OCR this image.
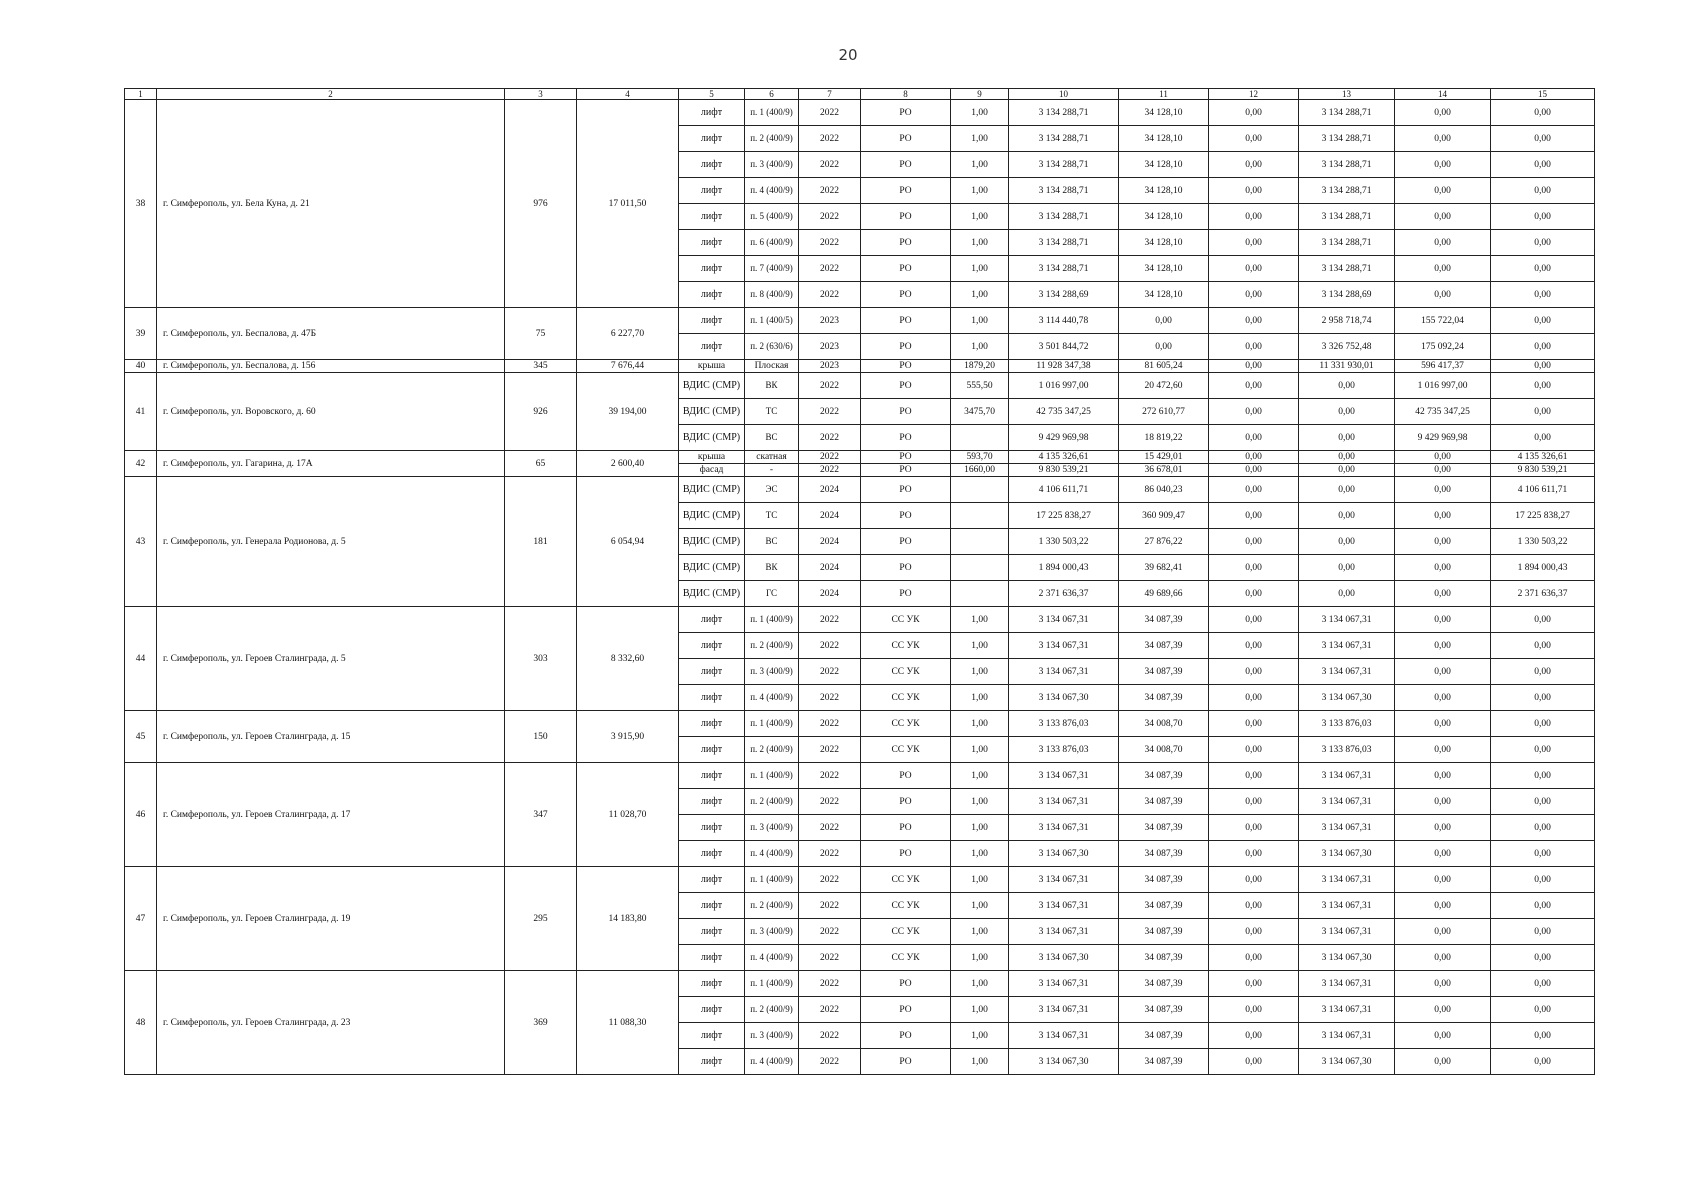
20
1	2	3	4	5	6	7	8	9	10	11	12	13	14	15
38	г. Симферополь, ул. Бела Куна, д. 21	976	17 011,50	лифт	п. 1 (400/9)	2022	РО	1,00	3 134 288,71	34 128,10	0,00	3 134 288,71	0,00	0,00
				лифт	п. 2 (400/9)	2022	РО	1,00	3 134 288,71	34 128,10	0,00	3 134 288,71	0,00	0,00
				лифт	п. 3 (400/9)	2022	РО	1,00	3 134 288,71	34 128,10	0,00	3 134 288,71	0,00	0,00
				лифт	п. 4 (400/9)	2022	РО	1,00	3 134 288,71	34 128,10	0,00	3 134 288,71	0,00	0,00
				лифт	п. 5 (400/9)	2022	РО	1,00	3 134 288,71	34 128,10	0,00	3 134 288,71	0,00	0,00
				лифт	п. 6 (400/9)	2022	РО	1,00	3 134 288,71	34 128,10	0,00	3 134 288,71	0,00	0,00
				лифт	п. 7 (400/9)	2022	РО	1,00	3 134 288,71	34 128,10	0,00	3 134 288,71	0,00	0,00
				лифт	п. 8 (400/9)	2022	РО	1,00	3 134 288,69	34 128,10	0,00	3 134 288,69	0,00	0,00
39	г. Симферополь, ул. Беспалова, д. 47Б	75	6 227,70	лифт	п. 1 (400/5)	2023	РО	1,00	3 114 440,78	0,00	0,00	2 958 718,74	155 722,04	0,00
				лифт	п. 2 (630/6)	2023	РО	1,00	3 501 844,72	0,00	0,00	3 326 752,48	175 092,24	0,00
40	г. Симферополь, ул. Беспалова, д. 156	345	7 676,44	крыша	Плоская	2023	РО	1879,20	11 928 347,38	81 605,24	0,00	11 331 930,01	596 417,37	0,00
41	г. Симферополь, ул. Воровского, д. 60	926	39 194,00	ВДИС (СМР)	ВК	2022	РО	555,50	1 016 997,00	20 472,60	0,00	0,00	1 016 997,00	0,00
				ВДИС (СМР)	ТС	2022	РО	3475,70	42 735 347,25	272 610,77	0,00	0,00	42 735 347,25	0,00
				ВДИС (СМР)	ВС	2022	РО		9 429 969,98	18 819,22	0,00	0,00	9 429 969,98	0,00
42	г. Симферополь, ул. Гагарина, д. 17А	65	2 600,40	крыша	скатная	2022	РО	593,70	4 135 326,61	15 429,01	0,00	0,00	0,00	4 135 326,61
				фасад	-	2022	РО	1660,00	9 830 539,21	36 678,01	0,00	0,00	0,00	9 830 539,21
43	г. Симферополь, ул. Генерала Родионова, д. 5	181	6 054,94	ВДИС (СМР)	ЭС	2024	РО		4 106 611,71	86 040,23	0,00	0,00	0,00	4 106 611,71
				ВДИС (СМР)	ТС	2024	РО		17 225 838,27	360 909,47	0,00	0,00	0,00	17 225 838,27
				ВДИС (СМР)	ВС	2024	РО		1 330 503,22	27 876,22	0,00	0,00	0,00	1 330 503,22
				ВДИС (СМР)	ВК	2024	РО		1 894 000,43	39 682,41	0,00	0,00	0,00	1 894 000,43
				ВДИС (СМР)	ГС	2024	РО		2 371 636,37	49 689,66	0,00	0,00	0,00	2 371 636,37
44	г. Симферополь, ул. Героев Сталинграда, д. 5	303	8 332,60	лифт	п. 1 (400/9)	2022	СС УК	1,00	3 134 067,31	34 087,39	0,00	3 134 067,31	0,00	0,00
				лифт	п. 2 (400/9)	2022	СС УК	1,00	3 134 067,31	34 087,39	0,00	3 134 067,31	0,00	0,00
				лифт	п. 3 (400/9)	2022	СС УК	1,00	3 134 067,31	34 087,39	0,00	3 134 067,31	0,00	0,00
				лифт	п. 4 (400/9)	2022	СС УК	1,00	3 134 067,30	34 087,39	0,00	3 134 067,30	0,00	0,00
45	г. Симферополь, ул. Героев Сталинграда, д. 15	150	3 915,90	лифт	п. 1 (400/9)	2022	СС УК	1,00	3 133 876,03	34 008,70	0,00	3 133 876,03	0,00	0,00
				лифт	п. 2 (400/9)	2022	СС УК	1,00	3 133 876,03	34 008,70	0,00	3 133 876,03	0,00	0,00
46	г. Симферополь, ул. Героев Сталинграда, д. 17	347	11 028,70	лифт	п. 1 (400/9)	2022	РО	1,00	3 134 067,31	34 087,39	0,00	3 134 067,31	0,00	0,00
				лифт	п. 2 (400/9)	2022	РО	1,00	3 134 067,31	34 087,39	0,00	3 134 067,31	0,00	0,00
				лифт	п. 3 (400/9)	2022	РО	1,00	3 134 067,31	34 087,39	0,00	3 134 067,31	0,00	0,00
				лифт	п. 4 (400/9)	2022	РО	1,00	3 134 067,30	34 087,39	0,00	3 134 067,30	0,00	0,00
47	г. Симферополь, ул. Героев Сталинграда, д. 19	295	14 183,80	лифт	п. 1 (400/9)	2022	СС УК	1,00	3 134 067,31	34 087,39	0,00	3 134 067,31	0,00	0,00
				лифт	п. 2 (400/9)	2022	СС УК	1,00	3 134 067,31	34 087,39	0,00	3 134 067,31	0,00	0,00
				лифт	п. 3 (400/9)	2022	СС УК	1,00	3 134 067,31	34 087,39	0,00	3 134 067,31	0,00	0,00
				лифт	п. 4 (400/9)	2022	СС УК	1,00	3 134 067,30	34 087,39	0,00	3 134 067,30	0,00	0,00
48	г. Симферополь, ул. Героев Сталинграда, д. 23	369	11 088,30	лифт	п. 1 (400/9)	2022	РО	1,00	3 134 067,31	34 087,39	0,00	3 134 067,31	0,00	0,00
				лифт	п. 2 (400/9)	2022	РО	1,00	3 134 067,31	34 087,39	0,00	3 134 067,31	0,00	0,00
				лифт	п. 3 (400/9)	2022	РО	1,00	3 134 067,31	34 087,39	0,00	3 134 067,31	0,00	0,00
				лифт	п. 4 (400/9)	2022	РО	1,00	3 134 067,30	34 087,39	0,00	3 134 067,30	0,00	0,00
